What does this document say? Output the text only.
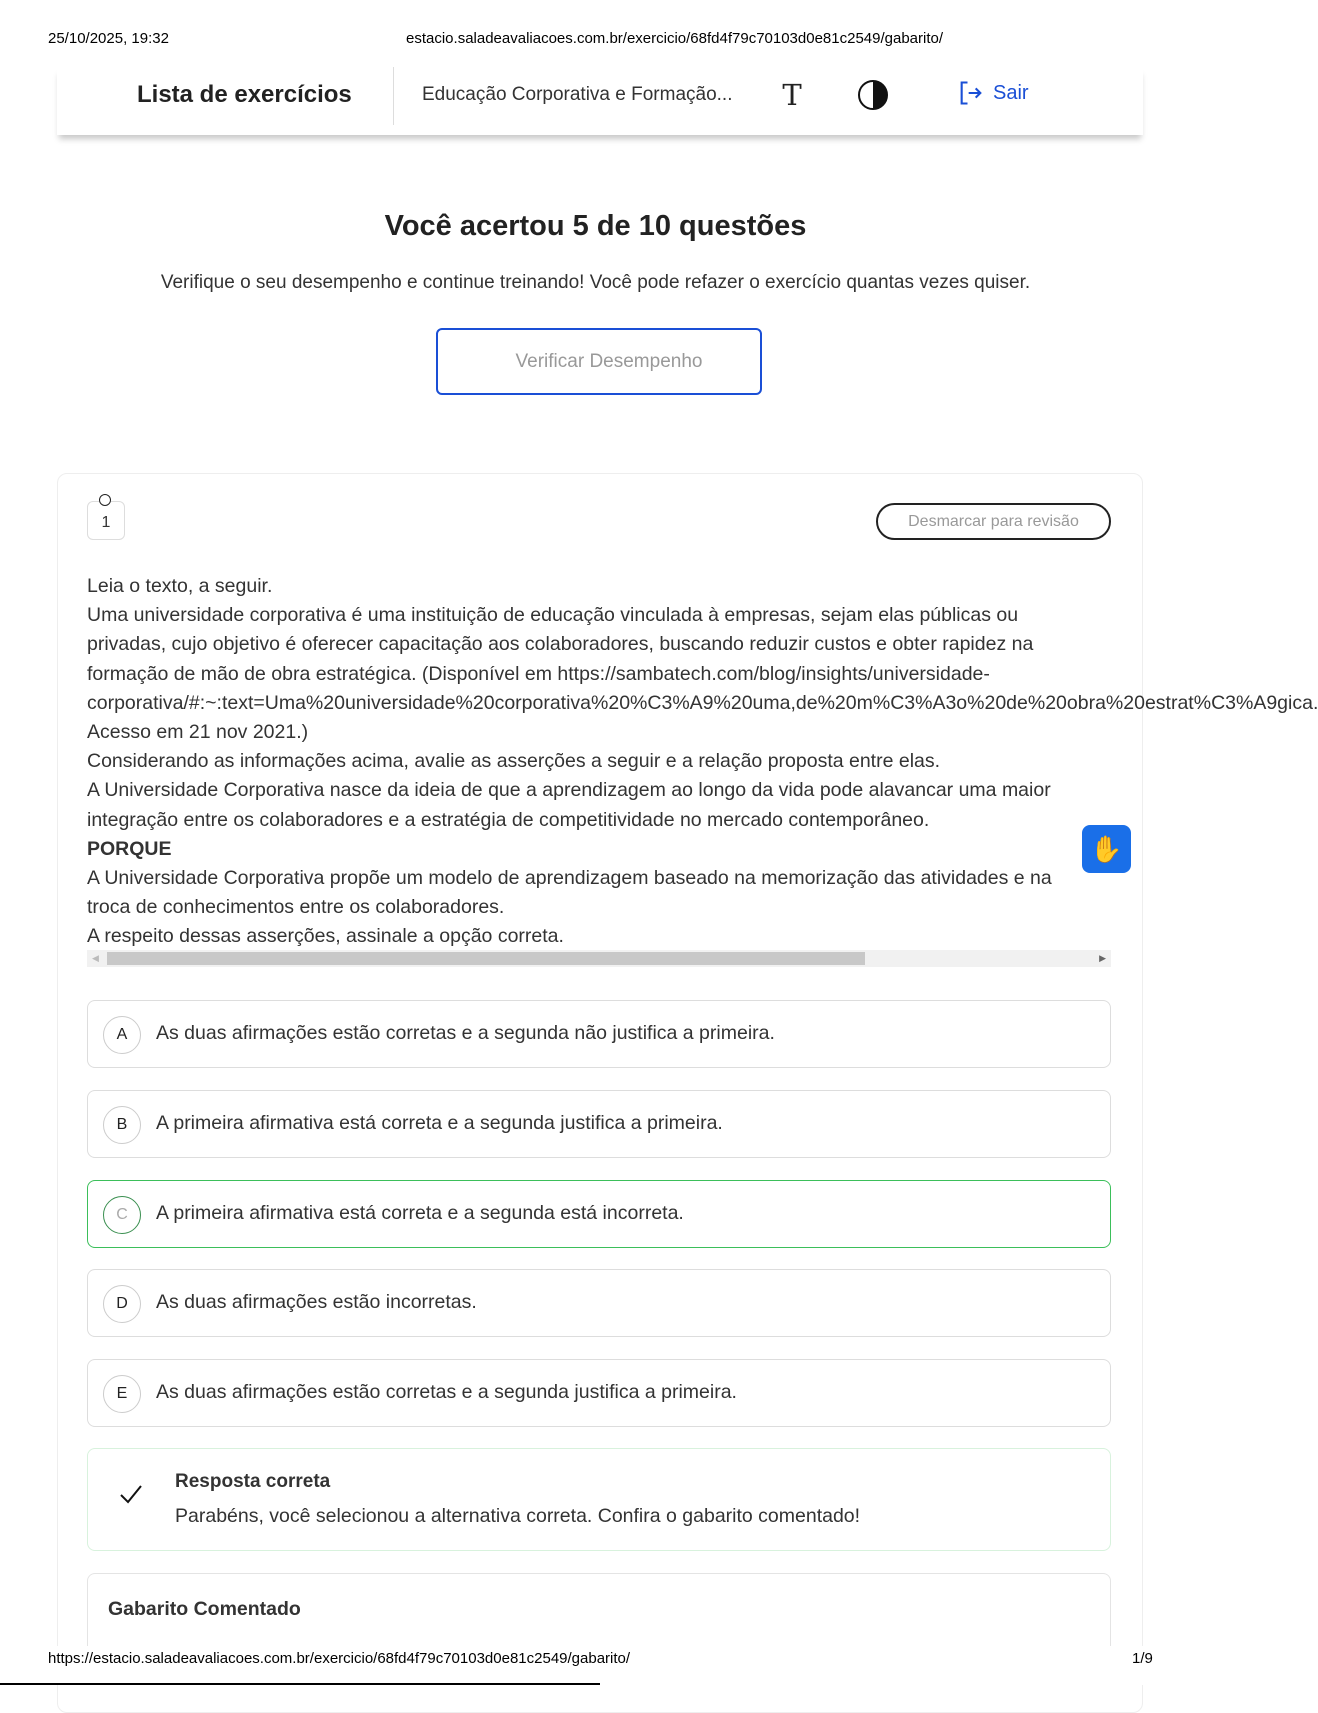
25/10/2025, 19:32	estacio.saladeavaliacoes.com.br/exercicio/68fd4f79c70103d0e81c2549/gabarito/
Lista de exercícios	Educação Corporativa e Formação... T	Sair
Você acertou 5 de 10 questões
Verifique o seu desempenho e continue treinando! Você pode refazer o exercício quantas vezes quiser.
Verificar Desempenho
1	Desmarcar para revisão
Leia o texto, a seguir.
Uma universidade corporativa é uma instituição de educação vinculada à empresas, sejam elas públicas ou
privadas, cujo objetivo é oferecer capacitação aos colaboradores, buscando reduzir custos e obter rapidez na
formação de mão de obra estratégica. (Disponível em https://sambatech.com/blog/insights/universidade-
corporativa/#:~:text=Uma%20universidade%20corporativa%20%C3%A9%20uma,de%20m%C3%A3o%20de%20obra%20estrat%C3%A9gica.
Acesso em 21 nov 2021.)
Considerando as informações acima, avalie as asserções a seguir e a relação proposta entre elas.
A Universidade Corporativa nasce da ideia de que a aprendizagem ao longo da vida pode alavancar uma maior
integração entre os colaboradores e a estratégia de competitividade no mercado contemporâneo.
PORQUE
A Universidade Corporativa propõe um modelo de aprendizagem baseado na memorização das atividades e na
troca de conhecimentos entre os colaboradores.
A respeito dessas asserções, assinale a opção correta.
◀	▶
✋
A	As duas afirmações estão corretas e a segunda não justifica a primeira.
B	A primeira afirmativa está correta e a segunda justifica a primeira.
C	A primeira afirmativa está correta e a segunda está incorreta.
D	As duas afirmações estão incorretas.
E	As duas afirmações estão corretas e a segunda justifica a primeira.
Resposta correta
Parabéns, você selecionou a alternativa correta. Confira o gabarito comentado!
Gabarito Comentado
https://estacio.saladeavaliacoes.com.br/exercicio/68fd4f79c70103d0e81c2549/gabarito/	1/9
